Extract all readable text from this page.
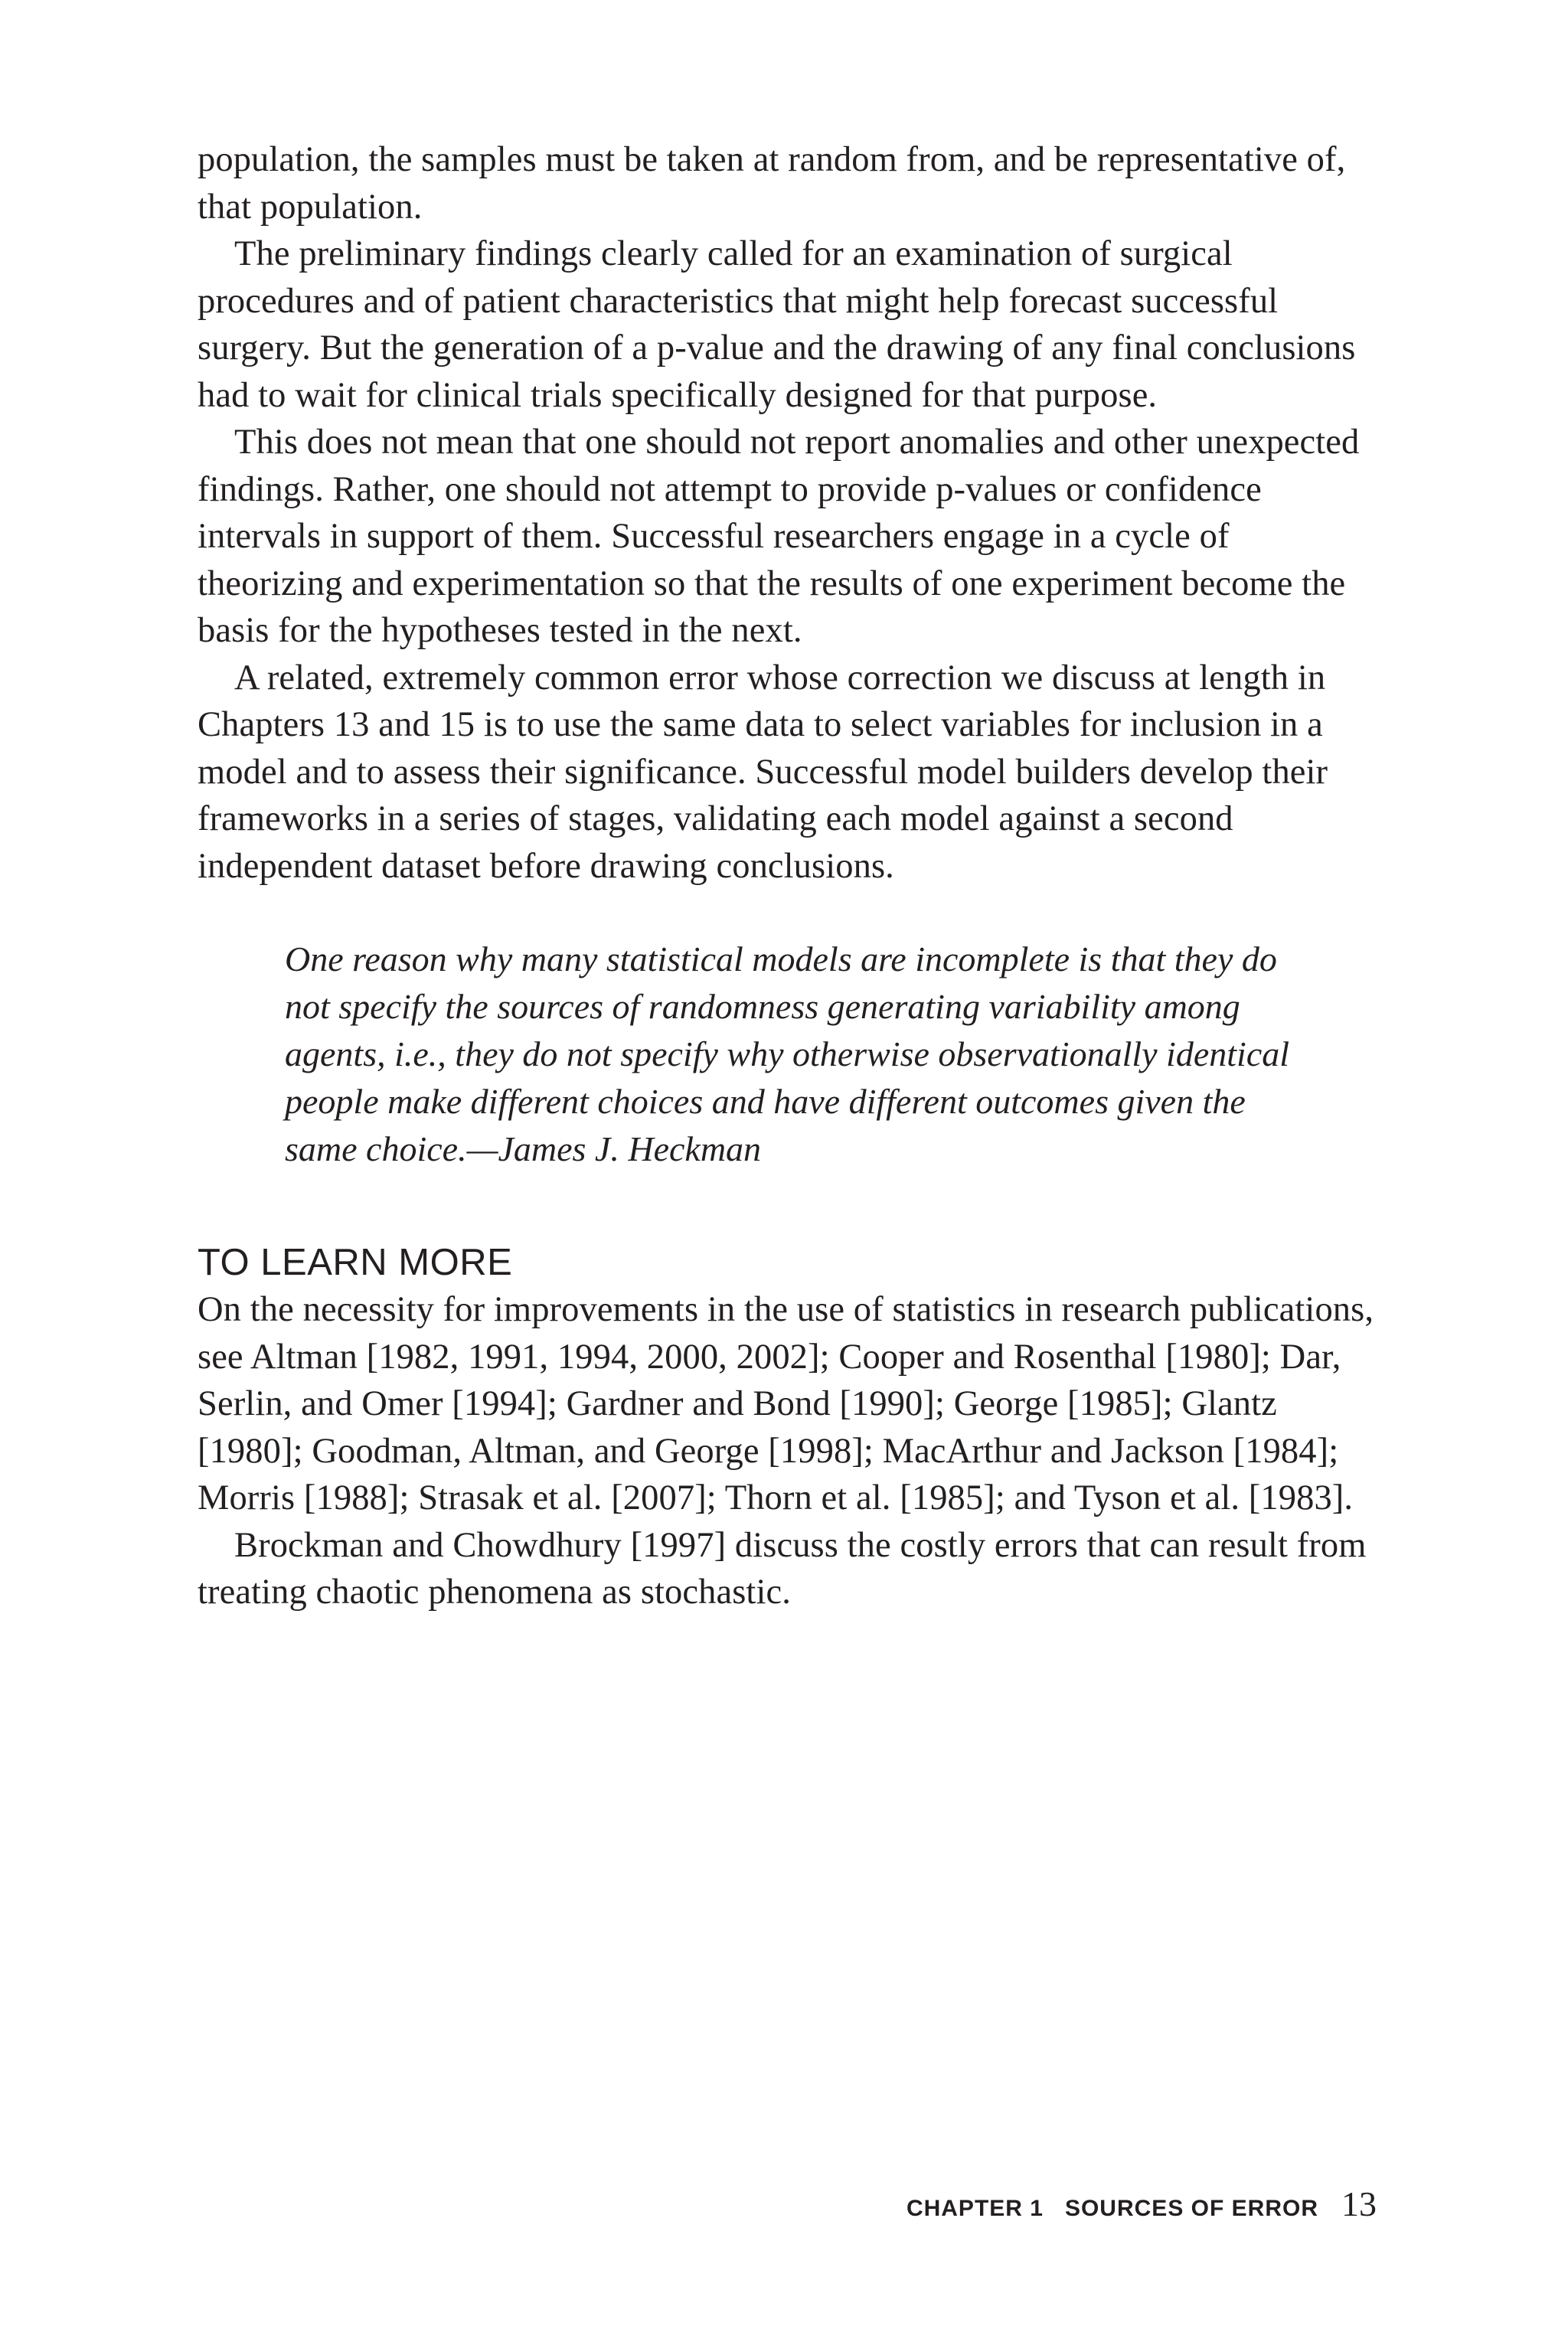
population, the samples must be taken at random from, and be representative of, that population.

The preliminary findings clearly called for an examination of surgical procedures and of patient characteristics that might help forecast successful surgery. But the generation of a p-value and the drawing of any final conclusions had to wait for clinical trials specifically designed for that purpose.

This does not mean that one should not report anomalies and other unexpected findings. Rather, one should not attempt to provide p-values or confidence intervals in support of them. Successful researchers engage in a cycle of theorizing and experimentation so that the results of one experiment become the basis for the hypotheses tested in the next.

A related, extremely common error whose correction we discuss at length in Chapters 13 and 15 is to use the same data to select variables for inclusion in a model and to assess their significance. Successful model builders develop their frameworks in a series of stages, validating each model against a second independent dataset before drawing conclusions.

One reason why many statistical models are incomplete is that they do not specify the sources of randomness generating variability among agents, i.e., they do not specify why otherwise observationally identical people make different choices and have different outcomes given the same choice.—James J. Heckman
TO LEARN MORE

On the necessity for improvements in the use of statistics in research publications, see Altman [1982, 1991, 1994, 2000, 2002]; Cooper and Rosenthal [1980]; Dar, Serlin, and Omer [1994]; Gardner and Bond [1990]; George [1985]; Glantz [1980]; Goodman, Altman, and George [1998]; MacArthur and Jackson [1984]; Morris [1988]; Strasak et al. [2007]; Thorn et al. [1985]; and Tyson et al. [1983].

Brockman and Chowdhury [1997] discuss the costly errors that can result from treating chaotic phenomena as stochastic.

CHAPTER 1   SOURCES OF ERROR 13
